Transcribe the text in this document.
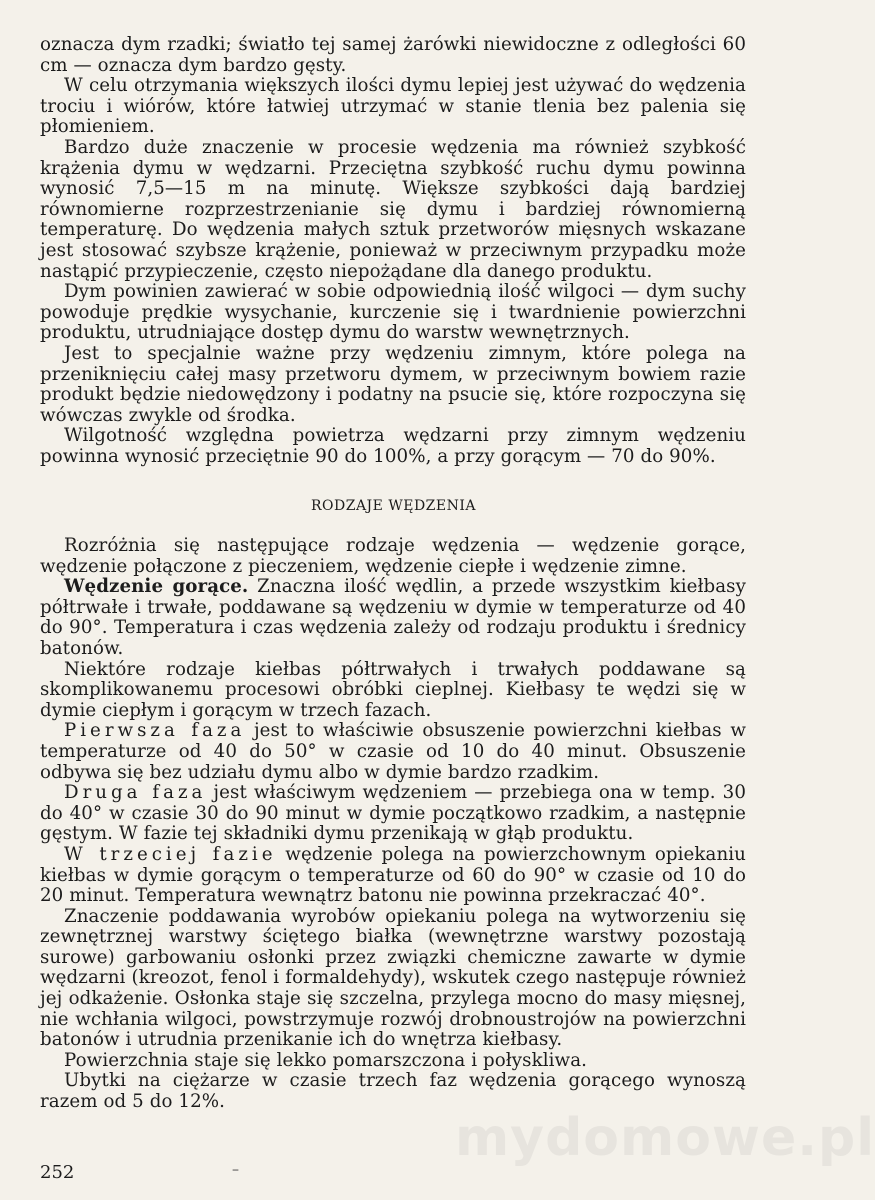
oznacza dym rzadki; światło tej samej żarówki niewidoczne z odległości 60 cm — oznacza dym bardzo gęsty.

W celu otrzymania większych ilości dymu lepiej jest używać do wędzenia trociu i wiórów, które łatwiej utrzymać w stanie tlenia bez palenia się płomieniem.

Bardzo duże znaczenie w procesie wędzenia ma również szybkość krążenia dymu w wędzarni. Przeciętna szybkość ruchu dymu powinna wynosić 7,5—15 m na minutę. Większe szybkości dają bardziej równomierne rozprzestrzenianie się dymu i bardziej równomierną temperaturę. Do wędzenia małych sztuk przetworów mięsnych wskazane jest stosować szybsze krążenie, ponieważ w przeciwnym przypadku może nastąpić przypieczenie, często niepożądane dla danego produktu.

Dym powinien zawierać w sobie odpowiednią ilość wilgoci — dym suchy powoduje prędkie wysychanie, kurczenie się i twardnienie powierzchni produktu, utrudniające dostęp dymu do warstw wewnętrznych.

Jest to specjalnie ważne przy wędzeniu zimnym, które polega na przeniknięciu całej masy przetworu dymem, w przeciwnym bowiem razie produkt będzie niedowędzony i podatny na psucie się, które rozpoczyna się wówczas zwykle od środka.

Wilgotność względna powietrza wędzarni przy zimnym wędzeniu powinna wynosić przeciętnie 90 do 100%, a przy gorącym — 70 do 90%.

RODZAJE WĘDZENIA

Rozróżnia się następujące rodzaje wędzenia — wędzenie gorące, wędzenie połączone z pieczeniem, wędzenie ciepłe i wędzenie zimne.

Wędzenie gorące. Znaczna ilość wędlin, a przede wszystkim kiełbasy półtrwałe i trwałe, poddawane są wędzeniu w dymie w temperaturze od 40 do 90°. Temperatura i czas wędzenia zależy od rodzaju produktu i średnicy batonów.

Niektóre rodzaje kiełbas półtrwałych i trwałych poddawane są skomplikowanemu procesowi obróbki cieplnej. Kiełbasy te wędzi się w dymie ciepłym i gorącym w trzech fazach.

Pierwsza faza jest to właściwie obsuszenie powierzchni kiełbas w temperaturze od 40 do 50° w czasie od 10 do 40 minut. Obsuszenie odbywa się bez udziału dymu albo w dymie bardzo rzadkim.

Druga faza jest właściwym wędzeniem — przebiega ona w temp. 30 do 40° w czasie 30 do 90 minut w dymie początkowo rzadkim, a następnie gęstym. W fazie tej składniki dymu przenikają w głąb produktu.

W trzeciej fazie wędzenie polega na powierzchownym opiekaniu kiełbas w dymie gorącym o temperaturze od 60 do 90° w czasie od 10 do 20 minut. Temperatura wewnątrz batonu nie powinna przekraczać 40°.

Znaczenie poddawania wyrobów opiekaniu polega na wytworzeniu się zewnętrznej warstwy ściętego białka (wewnętrzne warstwy pozostają surowe) garbowaniu osłonki przez związki chemiczne zawarte w dymie wędzarni (kreozot, fenol i formaldehydy), wskutek czego następuje również jej odkażenie. Osłonka staje się szczelna, przylega mocno do masy mięsnej, nie wchłania wilgoci, powstrzymuje rozwój drobnoustrojów na powierzchni batonów i utrudnia przenikanie ich do wnętrza kiełbasy.

Powierzchnia staje się lekko pomarszczona i połyskliwa.

Ubytki na ciężarze w czasie trzech faz wędzenia gorącego wynoszą razem od 5 do 12%.

mydomowe.pl
252	–
